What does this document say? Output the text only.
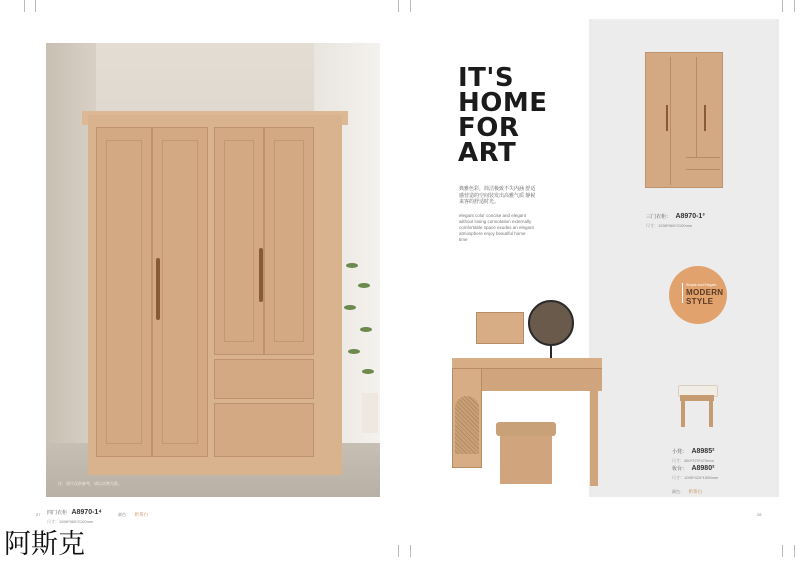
注：图片仅供参考，请以实物为准。
四门衣柜 A8970-1⁴
尺寸：1598*560*2100mm
颜色： 奶茶白
27
IT'S
HOME
FOR
ART
典雅色彩，简洁极致不失内涵 舒适感营造的空间装发出高雅气质 静候来客的舒适时光。
elegant color concise and elegant without losing connotation externally comfortable space exudes an elegant atmosphere enjoy beautiful home time
三门衣柜： A8970-1³
尺寸：1298*560*2100mm
Simple and Elegant
MODERN
STYLE
小凳： A8985²
尺寸：460*370*470mm
妆台： A8980²
尺寸：1095*420*1595mm
颜色： 奶茶白
28
阿斯克
